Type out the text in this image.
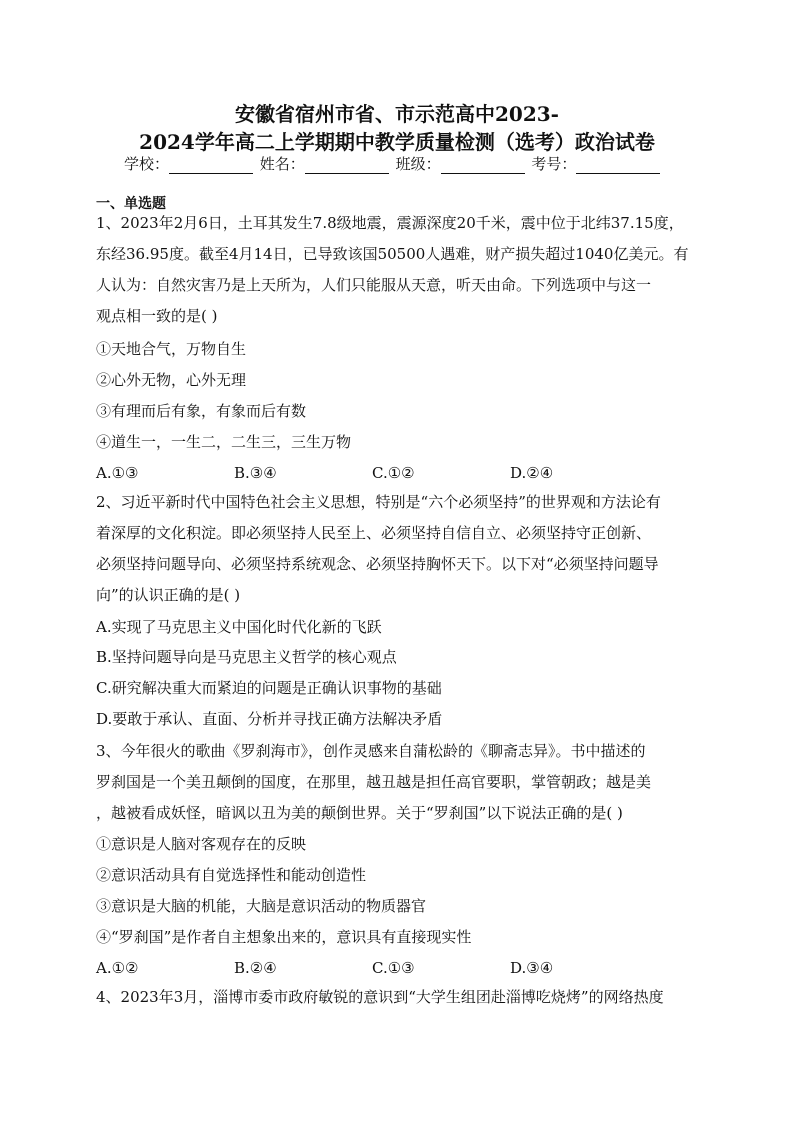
安徽省宿州市省、市示范高中2023-
2024学年高二上学期期中教学质量检测（选考）政治试卷
学校：	姓名：	班级：	考号：
一、单选题
1、2023年2月6日，土耳其发生7.8级地震，震源深度20千米，震中位于北纬37.15度，
东经36.95度。截至4月14日，已导致该国50500人遇难，财产损失超过1040亿美元。有
人认为：自然灾害乃是上天所为，人们只能服从天意，听天由命。下列选项中与这一
观点相一致的是( )
①天地合气，万物自生
②心外无物，心外无理
③有理而后有象，有象而后有数
④道生一，一生二，二生三，三生万物
A.①③	B.③④	C.①②	D.②④
2、习近平新时代中国特色社会主义思想，特别是“六个必须坚持”的世界观和方法论有
着深厚的文化积淀。即必须坚持人民至上、必须坚持自信自立、必须坚持守正创新、
必须坚持问题导向、必须坚持系统观念、必须坚持胸怀天下。以下对“必须坚持问题导
向”的认识正确的是( )
A.实现了马克思主义中国化时代化新的飞跃
B.坚持问题导向是马克思主义哲学的核心观点
C.研究解决重大而紧迫的问题是正确认识事物的基础
D.要敢于承认、直面、分析并寻找正确方法解决矛盾
3、今年很火的歌曲《罗刹海市》，创作灵感来自蒲松龄的《聊斋志异》。书中描述的
罗刹国是一个美丑颠倒的国度，在那里，越丑越是担任高官要职，掌管朝政；越是美
，越被看成妖怪，暗讽以丑为美的颠倒世界。关于“罗刹国”以下说法正确的是( )
①意识是人脑对客观存在的反映
②意识活动具有自觉选择性和能动创造性
③意识是大脑的机能，大脑是意识活动的物质器官
④“罗刹国”是作者自主想象出来的，意识具有直接现实性
A.①②	B.②④	C.①③	D.③④
4、2023年3月，淄博市委市政府敏锐的意识到“大学生组团赴淄博吃烧烤”的网络热度
